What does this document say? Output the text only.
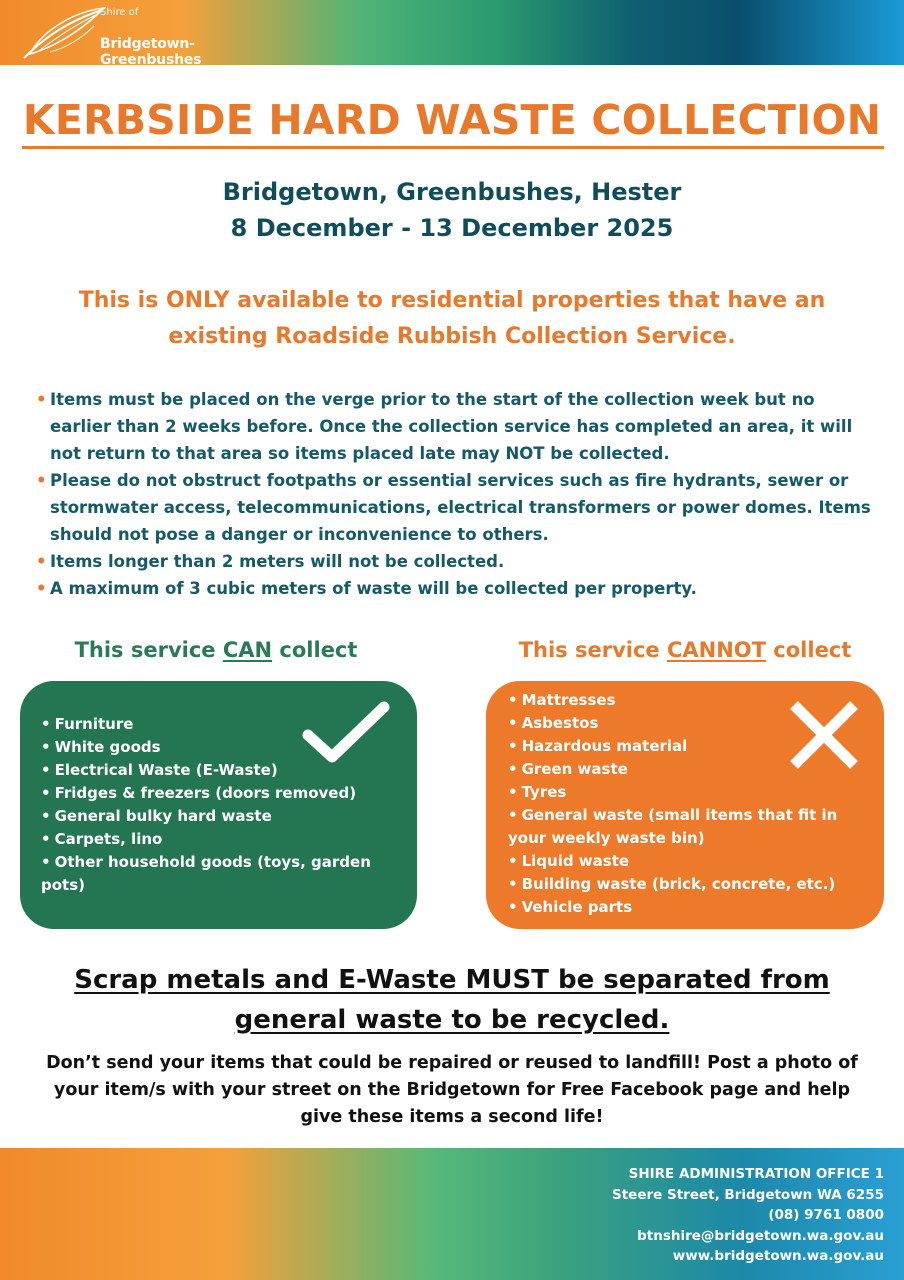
Shire of
Bridgetown-Greenbushes
KERBSIDE HARD WASTE COLLECTION
Bridgetown, Greenbushes, Hester
8 December - 13 December 2025
This is ONLY available to residential properties that have an
existing Roadside Rubbish Collection Service.
• Items must be placed on the verge prior to the start of the collection week but no earlier than 2 weeks before. Once the collection service has completed an area, it will not return to that area so items placed late may NOT be collected.
• Please do not obstruct footpaths or essential services such as fire hydrants, sewer or stormwater access, telecommunications, electrical transformers or power domes. Items should not pose a danger or inconvenience to others.
• Items longer than 2 meters will not be collected.
• A maximum of 3 cubic meters of waste will be collected per property.
This service CAN collect	This service CANNOT collect
• Furniture
• White goods
• Electrical Waste (E-Waste)
• Fridges & freezers (doors removed)
• General bulky hard waste
• Carpets, lino
• Other household goods (toys, garden pots)
• Mattresses
• Asbestos
• Hazardous material
• Green waste
• Tyres
• General waste (small items that fit in your weekly waste bin)
• Liquid waste
• Building waste (brick, concrete, etc.)
• Vehicle parts
Scrap metals and E-Waste MUST be separated from general waste to be recycled.
Don’t send your items that could be repaired or reused to landfill! Post a photo of your item/s with your street on the Bridgetown for Free Facebook page and help give these items a second life!
SHIRE ADMINISTRATION OFFICE 1
Steere Street, Bridgetown WA 6255
(08) 9761 0800
btnshire@bridgetown.wa.gov.au
www.bridgetown.wa.gov.au
